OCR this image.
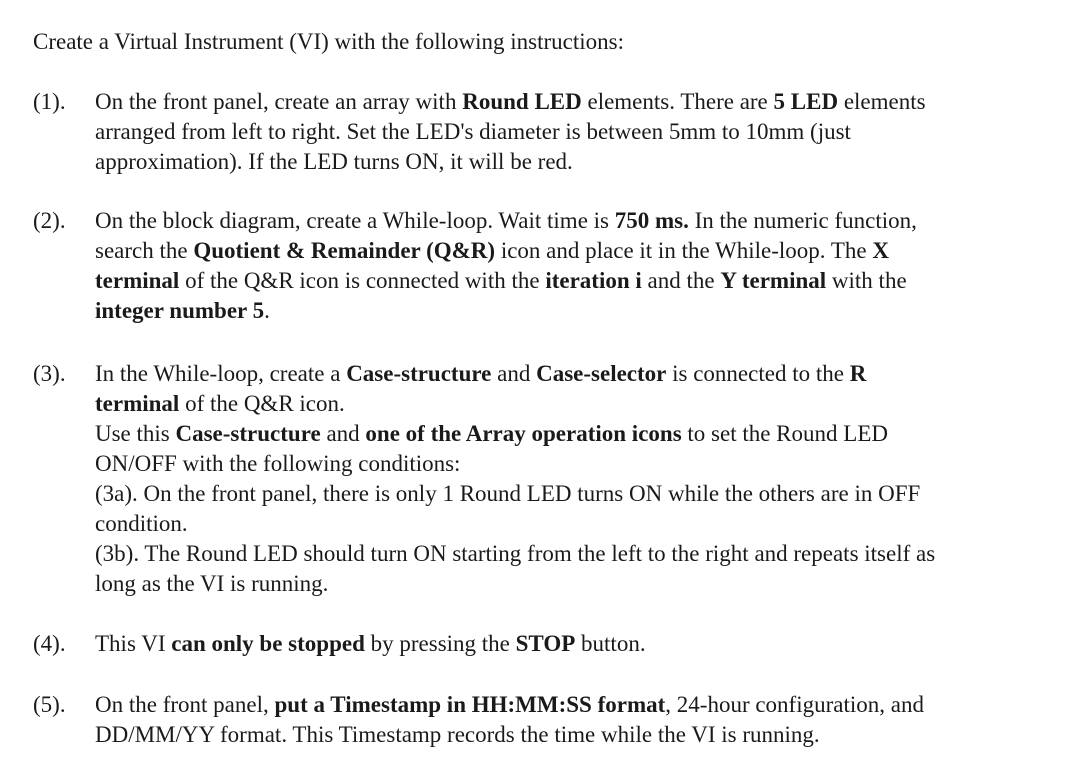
Create a Virtual Instrument (VI) with the following instructions:
(1). On the front panel, create an array with Round LED elements. There are 5 LED elements
arranged from left to right. Set the LED's diameter is between 5mm to 10mm (just
approximation). If the LED turns ON, it will be red.
(2). On the block diagram, create a While-loop. Wait time is 750 ms. In the numeric function,
search the Quotient & Remainder (Q&R) icon and place it in the While-loop. The X
terminal of the Q&R icon is connected with the iteration i and the Y terminal with the
integer number 5.
(3). In the While-loop, create a Case-structure and Case-selector is connected to the R
terminal of the Q&R icon.
Use this Case-structure and one of the Array operation icons to set the Round LED
ON/OFF with the following conditions:
(3a). On the front panel, there is only 1 Round LED turns ON while the others are in OFF
condition.
(3b). The Round LED should turn ON starting from the left to the right and repeats itself as
long as the VI is running.
(4). This VI can only be stopped by pressing the STOP button.
(5). On the front panel, put a Timestamp in HH:MM:SS format, 24-hour configuration, and
DD/MM/YY format. This Timestamp records the time while the VI is running.
